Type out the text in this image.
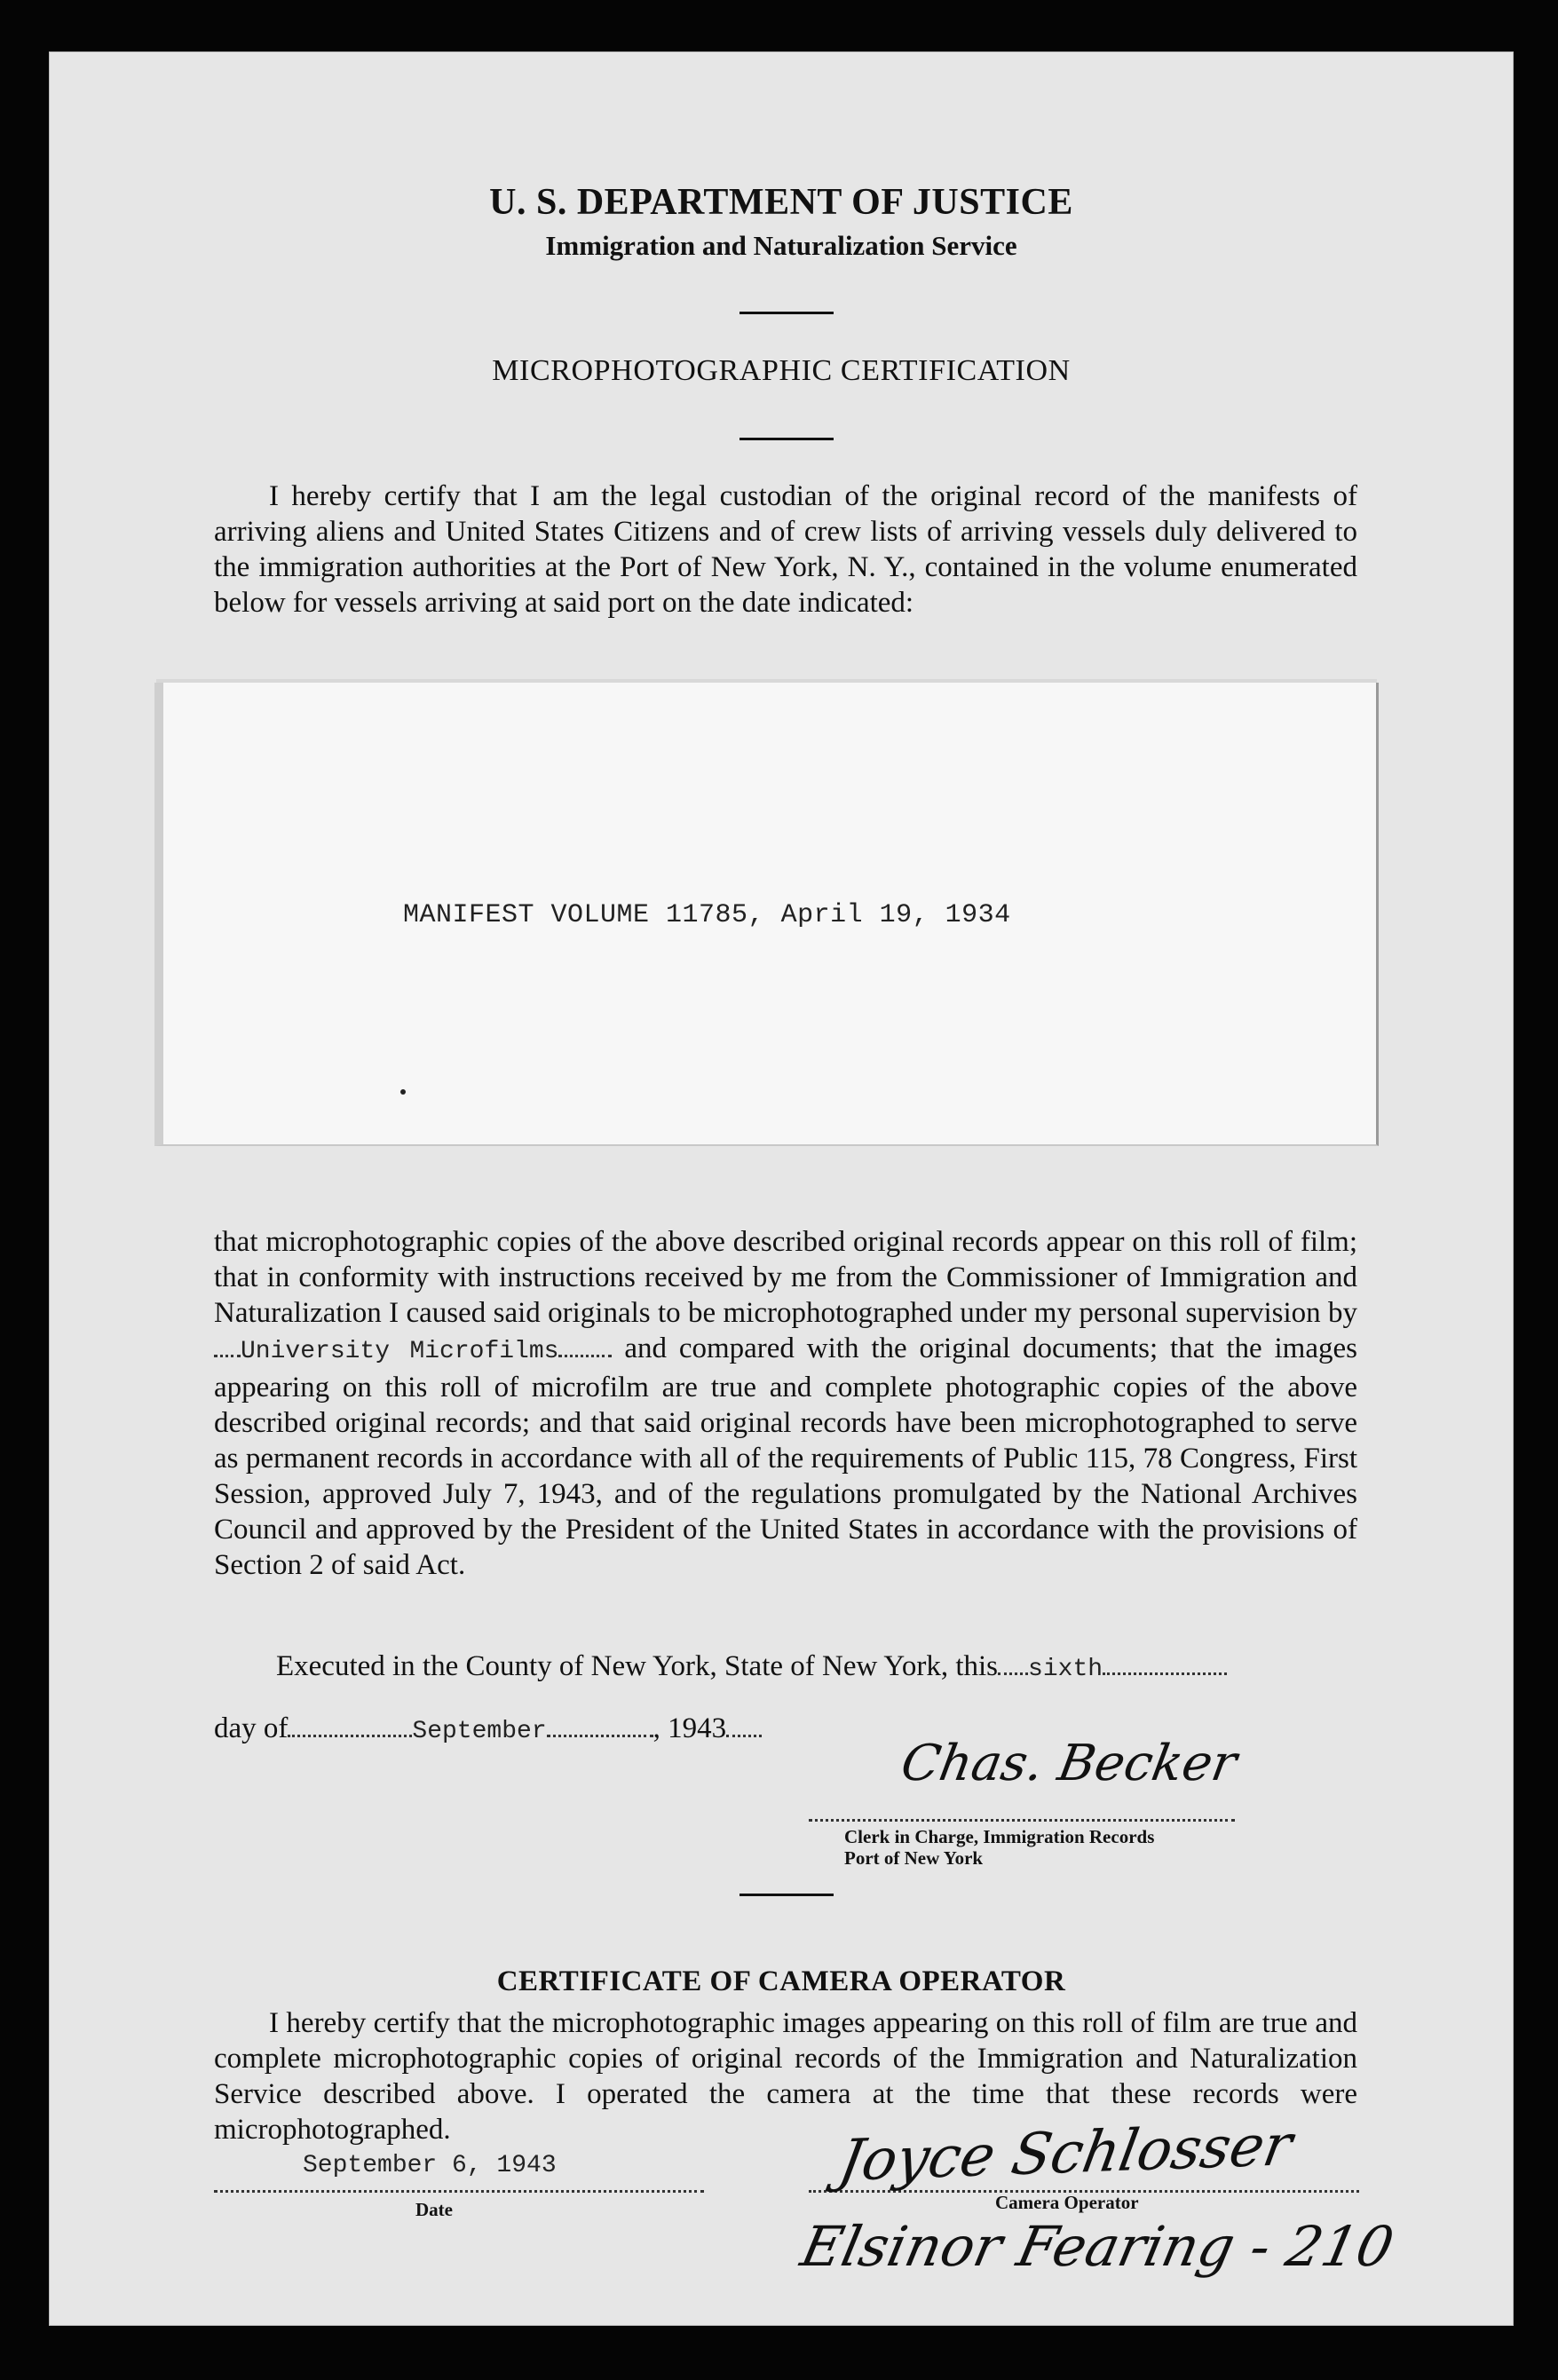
U. S. DEPARTMENT OF JUSTICE
Immigration and Naturalization Service
MICROPHOTOGRAPHIC CERTIFICATION
I hereby certify that I am the legal custodian of the original record of the manifests of arriving aliens and United States Citizens and of crew lists of arriving vessels duly delivered to the immigration authorities at the Port of New York, N. Y., contained in the volume enumerated below for vessels arriving at said port on the date indicated:
MANIFEST VOLUME 11785, April 19, 1934
that microphotographic copies of the above described original records appear on this roll of film; that in conformity with instructions received by me from the Commissioner of Immigration and Naturalization I caused said originals to be microphotographed under my personal supervision byUniversity Microfilms and compared with the original documents; that the images appearing on this roll of microfilm are true and complete photographic copies of the above described original records; and that said original records have been microphotographed to serve as permanent records in accordance with all of the requirements of Public 115, 78 Congress, First Session, approved July 7, 1943, and of the regulations promulgated by the National Archives Council and approved by the President of the United States in accordance with the provisions of Section 2 of said Act.
Executed in the County of New York, State of New York, this sixth
day of	September	, 1943
Chas. Becker
Clerk in Charge, Immigration Records
Port of New York
CERTIFICATE OF CAMERA OPERATOR
I hereby certify that the microphotographic images appearing on this roll of film are true and complete microphotographic copies of original records of the Immigration and Naturalization Service described above. I operated the camera at the time that these records were microphotographed.
September 6, 1943
Date
Joyce Schlosser
Camera Operator
Elsinor Fearing - 210
